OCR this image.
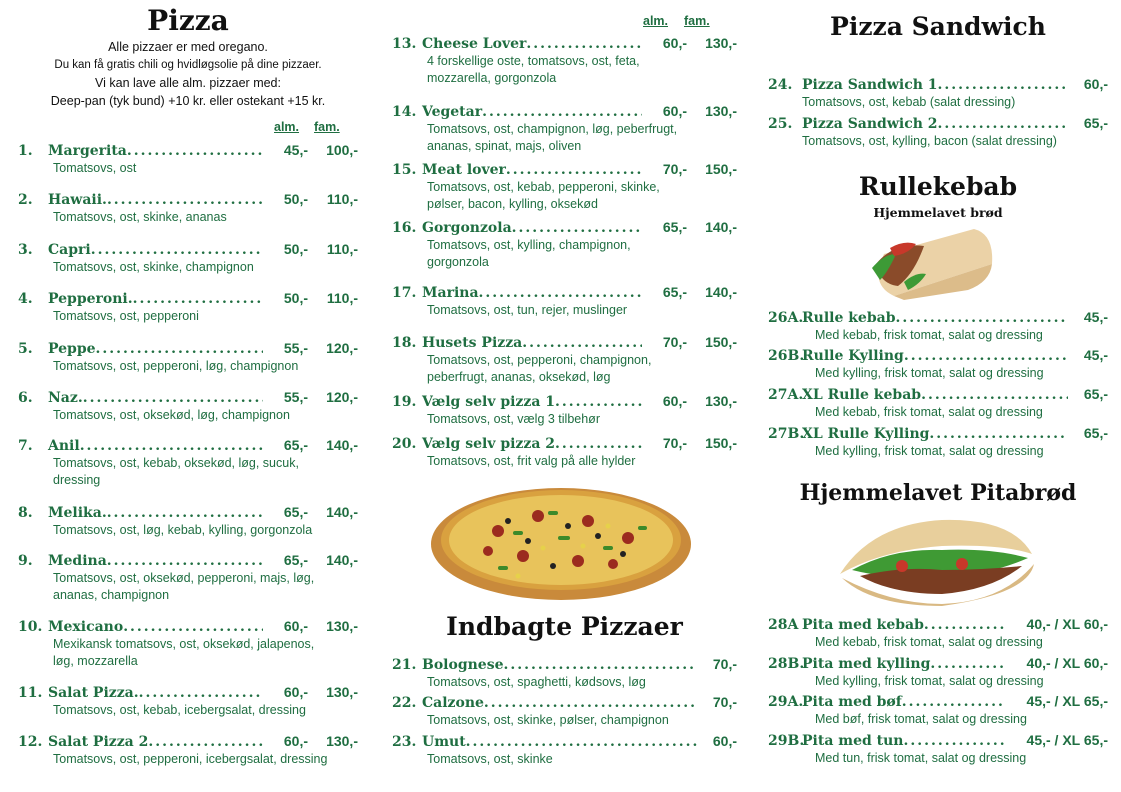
Pizza
Alle pizzaer er med oregano.
Du kan få gratis chili og hvidløgsolie på dine pizzaer.
Vi kan lave alle alm. pizzaer med:
Deep-pan (tyk bund) +10 kr. eller ostekant +15 kr.
alm. fam.
1.	Margerita .....	45,-	100,-
Tomatsovs, ost
2.	Hawaii. .....	50,-	110,-
Tomatsovs, ost, skinke, ananas
3.	Capri .....	50,-	110,-
Tomatsovs, ost, skinke, champignon
4.	Pepperoni. .....	50,-	110,-
Tomatsovs, ost, pepperoni
5.	Peppe .....	55,-	120,-
Tomatsovs, ost, pepperoni, løg, champignon
6.	Naz. .....	55,-	120,-
Tomatsovs, ost, oksekød, løg, champignon
7.	Anil .....	65,-	140,-
Tomatsovs, ost, kebab, oksekød, løg, sucuk,
dressing
8.	Melika. .....	65,-	140,-
Tomatsovs, ost, løg, kebab, kylling, gorgonzola
9.	Medina .....	65,-	140,-
Tomatsovs, ost, oksekød, pepperoni, majs, løg,
ananas, champignon
10. Mexicano .....	60,-	130,-
Mexikansk tomatsovs, ost, oksekød, jalapenos,
løg, mozzarella
11. Salat Pizza. .....	60,-	130,-
Tomatsovs, ost, kebab, icebergsalat, dressing
12. Salat Pizza 2 .....	60,-	130,-
Tomatsovs, ost, pepperoni, icebergsalat, dressing
alm. fam.
13. Cheese Lover .....	60,-	130,-
4 forskellige oste, tomatsovs, ost, feta,
mozzarella, gorgonzola
14. Vegetar .....	60,-	130,-
Tomatsovs, ost, champignon, løg, peberfrugt,
ananas, spinat, majs, oliven
15. Meat lover .....	70,-	150,-
Tomatsovs, ost, kebab, pepperoni, skinke,
pølser, bacon, kylling, oksekød
16. Gorgonzola .....	65,-	140,-
Tomatsovs, ost, kylling, champignon,
gorgonzola
17. Marina .....	65,-	140,-
Tomatsovs, ost, tun, rejer, muslinger
18. Husets Pizza .....	70,-	150,-
Tomatsovs, ost, pepperoni, champignon,
peberfrugt, ananas, oksekød, løg
19. Vælg selv pizza 1 .....	60,-	130,-
Tomatsovs, ost, vælg 3 tilbehør
20. Vælg selv pizza 2 .....	70,-	150,-
Tomatsovs, ost, frit valg på alle hylder
Indbagte Pizzaer
21. Bolognese .....	70,-
Tomatsovs, ost, spaghetti, kødsovs, løg
22. Calzone .....	70,-
Tomatsovs, ost, skinke, pølser, champignon
23. Umut .....	60,-
Tomatsovs, ost, skinke
Pizza Sandwich
24. Pizza Sandwich 1 .....	60,-
Tomatsovs, ost, kebab (salat dressing)
25. Pizza Sandwich 2 .....	65,-
Tomatsovs, ost, kylling, bacon (salat dressing)
Rullekebab
Hjemmelavet brød
26A.
Rulle kebab .....	45,-
Med kebab, frisk tomat, salat og dressing
26B.
Rulle Kylling .....	45,-
Med kylling, frisk tomat, salat og dressing
27A.
XL Rulle kebab .....	65,-
Med kebab, frisk tomat, salat og dressing
27B.
XL Rulle Kylling .....	65,-
Med kylling, frisk tomat, salat og dressing
Hjemmelavet Pitabrød
28A Pita med kebab .....	40,- / XL 60,-
Med kebab, frisk tomat, salat og dressing
28B.
Pita med kylling .....	40,- / XL 60,-
Med kylling, frisk tomat, salat og dressing
29A.
Pita med bøf .....	45,- / XL 65,-
Med bøf, frisk tomat, salat og dressing
29B.
Pita med tun .....	45,- / XL 65,-
Med tun, frisk tomat, salat og dressing
